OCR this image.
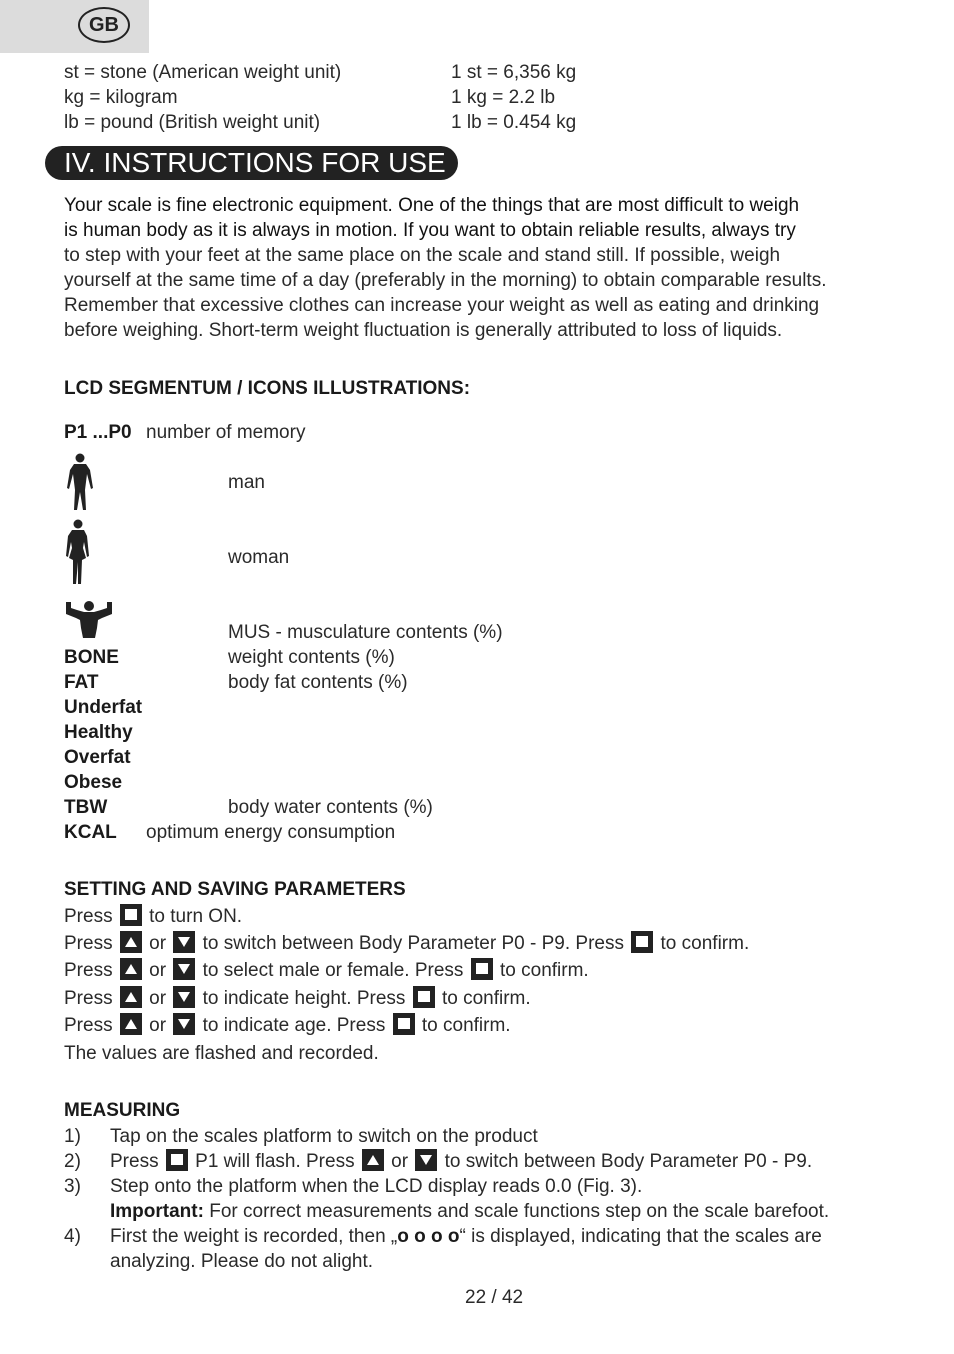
GB
st = stone (American weight unit)	1 st = 6,356 kg
kg = kilogram	1 kg = 2.2 lb
lb = pound (British weight unit)	1 lb = 0.454 kg
IV. INSTRUCTIONS FOR USE
Your scale is fine electronic equipment. One of the things that are most difficult to weigh
is human body as it is always in motion. If you want to obtain reliable results, always try
to step with your feet at the same place on the scale and stand still. If possible, weigh
yourself at the same time of a day (preferably in the morning) to obtain comparable results.
Remember that excessive clothes can increase your weight as well as eating and drinking
before weighing. Short-term weight fluctuation is generally attributed to loss of liquids.
LCD SEGMENTUM / ICONS ILLUSTRATIONS:
P1 ...P0 number of memory
man
woman
MUS - musculature contents (%)
BONE	weight contents (%)
FAT	body fat contents (%)
Underfat
Healthy
Overfat
Obese
TBW	body water contents (%)
KCAL optimum energy consumption
SETTING AND SAVING PARAMETERS
Press to turn ON.
Press or to switch between Body Parameter P0 - P9. Press to confirm.
Press or to select male or female. Press to confirm.
Press or to indicate height. Press to confirm.
Press or to indicate age. Press to confirm.
The values are flashed and recorded.
MEASURING
1) Tap on the scales platform to switch on the product
2) Press P1 will flash. Press or to switch between Body Parameter P0 - P9.
3) Step onto the platform when the LCD display reads 0.0 (Fig. 3).
Important: For correct measurements and scale functions step on the scale barefoot.
4) First the weight is recorded, then „o o o o“ is displayed, indicating that the scales are
analyzing. Please do not alight.
22 / 42
